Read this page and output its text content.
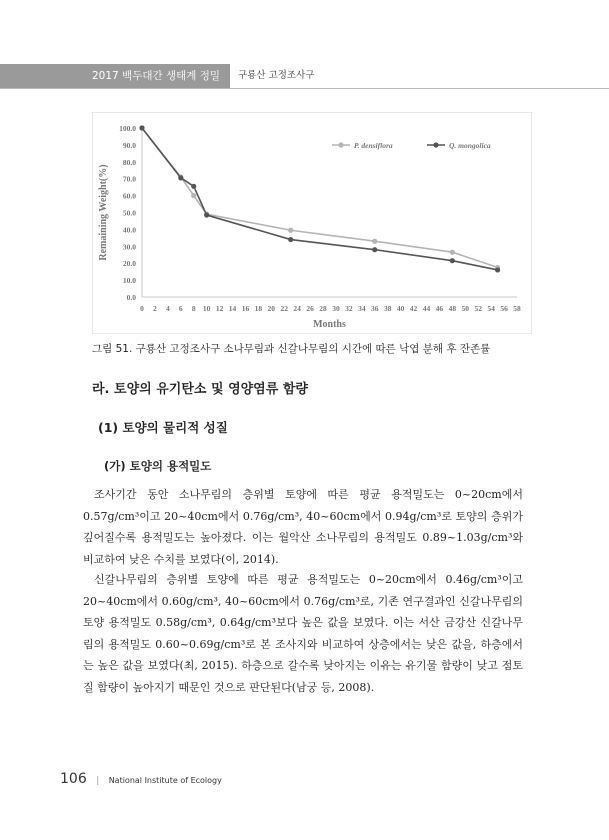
2017 백두대간 생태계 정밀조사
구룡산 고정조사구
0.0
10.0
20.0
30.0
40.0
50.0
60.0
70.0
80.0
90.0
100.0
0 2 4 6 8 10 12 14 16 18 20 22 24 26 28 30 32 34 36 38 40 42 44 46 48 50 52 54 56 58
Months
Remaining Weight(%)
P. densiflora	Q. mongolica
그림 51. 구룡산 고정조사구 소나무림과 신갈나무림의 시간에 따른 낙엽 분해 후 잔존률
라. 토양의 유기탄소 및 영양염류 함량
(1) 토양의 물리적 성질
(가) 토양의 용적밀도
조사기간 동안 소나무림의 층위별 토양에 따른 평균 용적밀도는 0~20cm에서 0.57g/cm³이고 20~40cm에서 0.76g/cm³, 40~60cm에서 0.94g/cm³로 토양의 층위가 깊어질수록 용적밀도는 높아졌다. 이는 월악산 소나무림의 용적밀도 0.89~1.03g/cm³와 비교하여 낮은 수치를 보였다(이, 2014).
신갈나무림의 층위별 토양에 따른 평균 용적밀도는 0~20cm에서 0.46g/cm³이고 20~40cm에서 0.60g/cm³, 40~60cm에서 0.76g/cm³로, 기존 연구결과인 신갈나무림의 토양 용적밀도 0.58g/cm³, 0.64g/cm³보다 높은 값을 보였다. 이는 서산 금강산 신갈나무림의 용적밀도 0.60~0.69g/cm³로 본 조사지와 비교하여 상층에서는 낮은 값을, 하층에서는 높은 값을 보였다(최, 2015). 하층으로 갈수록 낮아지는 이유는 유기물 함량이 낮고 점토질 함량이 높아지기 때문인 것으로 판단된다(남궁 등, 2008).
106 | National Institute of Ecology
